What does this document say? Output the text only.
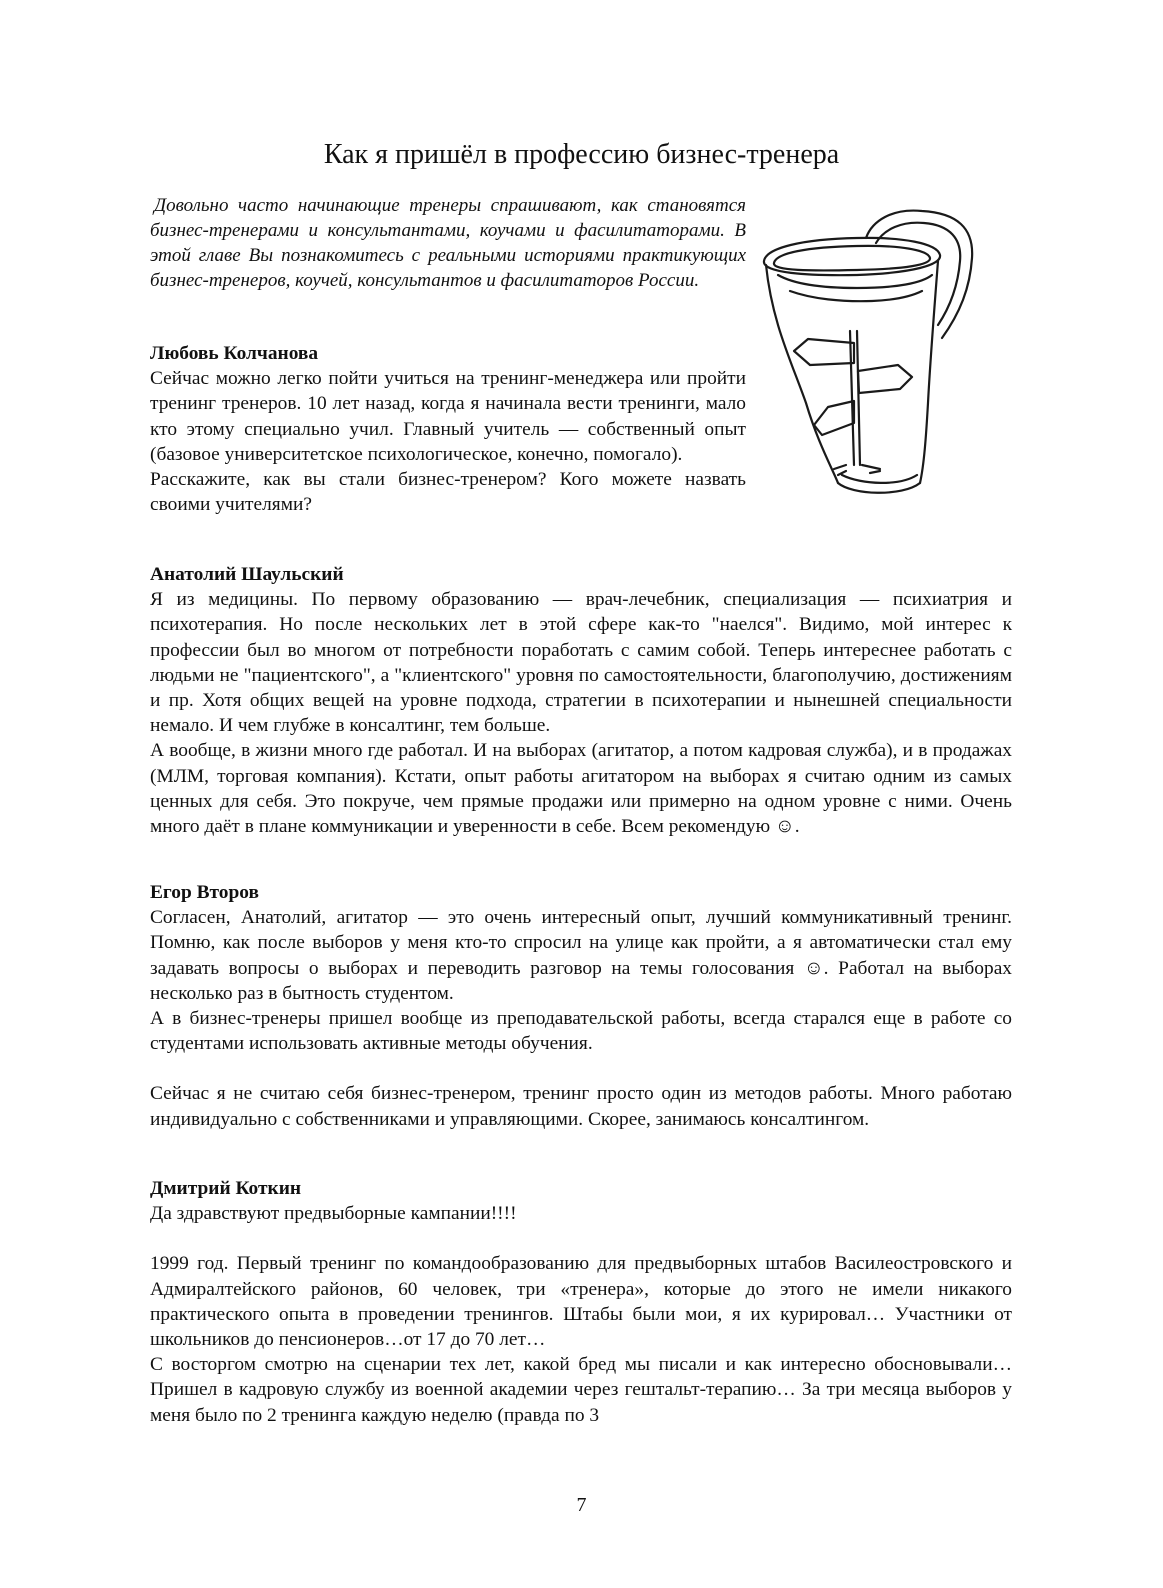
Как я пришёл в профессию бизнес-тренера

Довольно часто начинающие тренеры спрашивают, как становятся бизнес-тренерами и консультантами, коучами и фасилитаторами. В этой главе Вы познакомитесь с реальными историями практикующих бизнес-тренеров, коучей, консультантов и фасилитаторов России.

Любовь Колчанова

Сейчас можно легко пойти учиться на тренинг-менеджера или пройти тренинг тренеров. 10 лет назад, когда я начинала вести тренинги, мало кто этому специально учил. Главный учитель — собственный опыт (базовое университетское психологическое, конечно, помогало).

Расскажите, как вы стали бизнес-тренером? Кого можете назвать своими учителями?

Анатолий Шаульский

Я из медицины. По первому образованию — врач-лечебник, специализация — психиатрия и психотерапия. Но после нескольких лет в этой сфере как-то "наелся". Видимо, мой интерес к профессии был во многом от потребности поработать с самим собой. Теперь интереснее работать с людьми не "пациентского", а "клиентского" уровня по самостоятельности, благополучию, достижениям и пр. Хотя общих вещей на уровне подхода, стратегии в психотерапии и нынешней специальности немало. И чем глубже в консалтинг, тем больше.

А вообще, в жизни много где работал. И на выборах (агитатор, а потом кадровая служба), и в продажах (МЛМ, торговая компания). Кстати, опыт работы агитатором на выборах я считаю одним из самых ценных для себя. Это покруче, чем прямые продажи или примерно на одном уровне с ними. Очень много даёт в плане коммуникации и уверенности в себе. Всем рекомендую ☺.

Егор Второв

Согласен, Анатолий, агитатор — это очень интересный опыт, лучший коммуникативный тренинг. Помню, как после выборов у меня кто-то спросил на улице как пройти, а я автоматически стал ему задавать вопросы о выборах и переводить разговор на темы голосования ☺. Работал на выборах несколько раз в бытность студентом.

А в бизнес-тренеры пришел вообще из преподавательской работы, всегда старался еще в работе со студентами использовать активные методы обучения.

Сейчас я не считаю себя бизнес-тренером, тренинг просто один из методов работы. Много работаю индивидуально с собственниками и управляющими. Скорее, занимаюсь консалтингом.

Дмитрий Коткин

Да здравствуют предвыборные кампании!!!!

1999 год. Первый тренинг по командообразованию для предвыборных штабов Василеостровского и Адмиралтейского районов, 60 человек, три «тренера», которые до этого не имели никакого практического опыта в проведении тренингов. Штабы были мои, я их курировал… Участники от школьников до пенсионеров…от 17 до 70 лет…

С восторгом смотрю на сценарии тех лет, какой бред мы писали и как интересно обосновывали… Пришел в кадровую службу из военной академии через гештальт-терапию… За три месяца выборов у меня было по 2 тренинга каждую неделю (правда по 3

7
